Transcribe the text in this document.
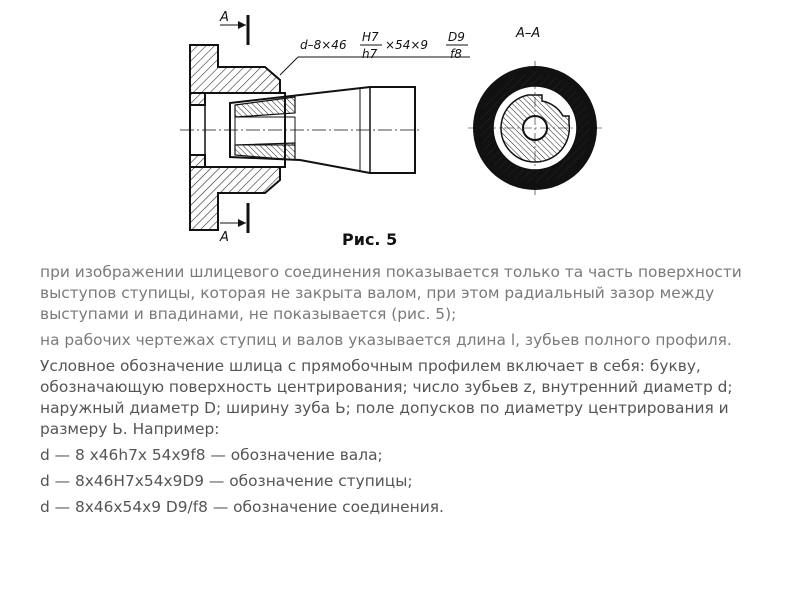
A
A
d–8×46
H7
h7
×54×9
D9
f8
A–A
Рис. 5

при изображении шлицевого соединения показывается только та часть поверхности выступов ступицы, которая не закрыта валом, при этом радиальный зазор между выступами и впадинами, не показывается (рис. 5);

на рабочих чертежах ступиц и валов указывается длина l, зубьев полного профиля.

Условное обозначение шлица с прямобочным профилем включает в себя: букву, обозначающую поверхность центрирования; число зубьев z, внутренний диаметр d; наружный диаметр D; ширину зуба Ь; поле допусков по диаметру центрирования и размеру Ь. Например:

d — 8 х46h7х 54х9f8 — обозначение вала;

d — 8х46Н7х54х9D9 — обозначение ступицы;

d — 8х46х54х9 D9/f8 — обозначение соединения.
